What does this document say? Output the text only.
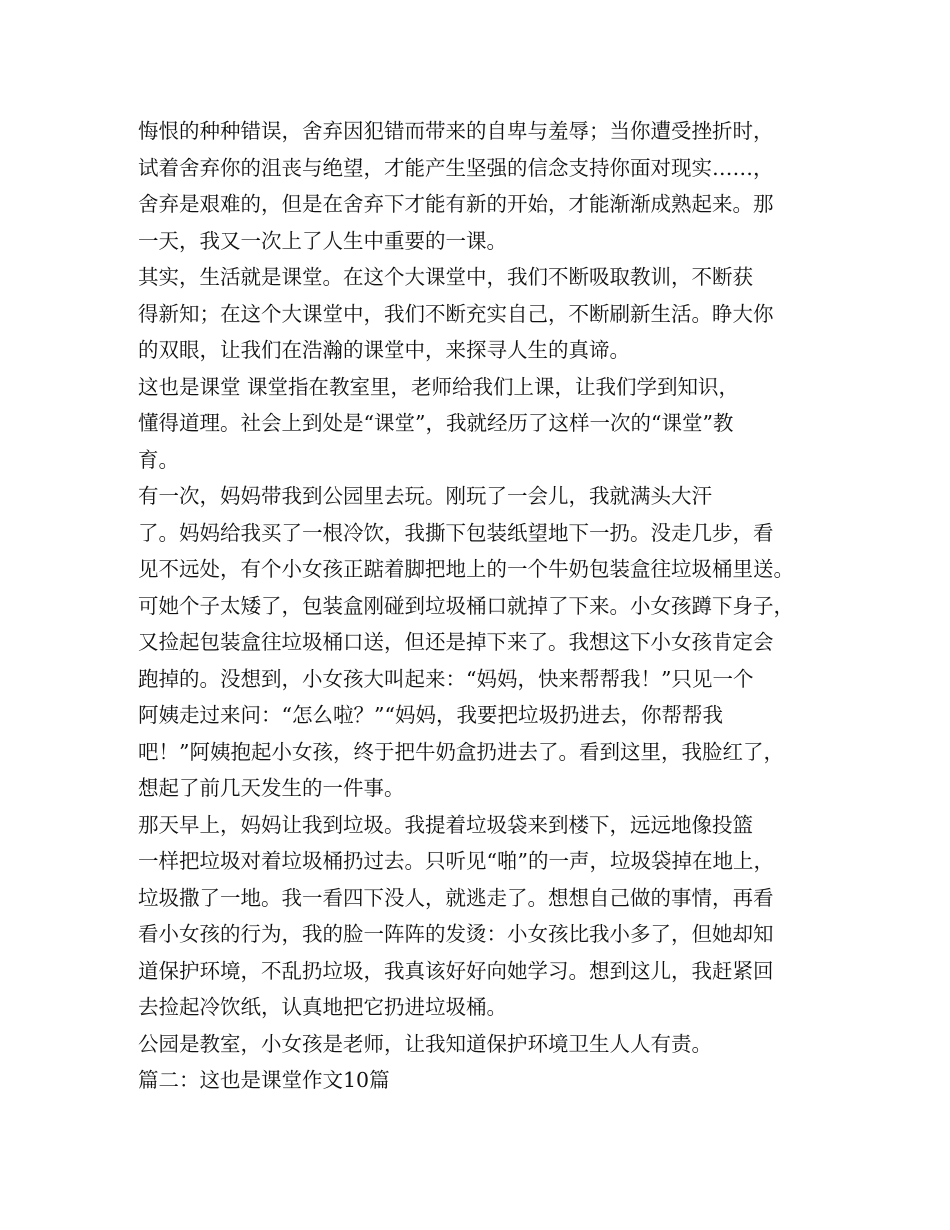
悔恨的种种错误，舍弃因犯错而带来的自卑与羞辱；当你遭受挫折时，
试着舍弃你的沮丧与绝望，才能产生坚强的信念支持你面对现实……，
舍弃是艰难的，但是在舍弃下才能有新的开始，才能渐渐成熟起来。那
一天，我又一次上了人生中重要的一课。
其实，生活就是课堂。在这个大课堂中，我们不断吸取教训，不断获
得新知；在这个大课堂中，我们不断充实自己，不断刷新生活。睁大你
的双眼，让我们在浩瀚的课堂中，来探寻人生的真谛。
这也是课堂 课堂指在教室里，老师给我们上课，让我们学到知识，
懂得道理。社会上到处是“课堂”，我就经历了这样一次的“课堂”教
育。
有一次，妈妈带我到公园里去玩。刚玩了一会儿，我就满头大汗
了。妈妈给我买了一根冷饮，我撕下包装纸望地下一扔。没走几步，看
见不远处，有个小女孩正踮着脚把地上的一个牛奶包装盒往垃圾桶里送。
可她个子太矮了，包装盒刚碰到垃圾桶口就掉了下来。小女孩蹲下身子，
又捡起包装盒往垃圾桶口送，但还是掉下来了。我想这下小女孩肯定会
跑掉的。没想到，小女孩大叫起来：“妈妈，快来帮帮我！”只见一个
阿姨走过来问：“怎么啦？”“妈妈，我要把垃圾扔进去，你帮帮我
吧！”阿姨抱起小女孩，终于把牛奶盒扔进去了。看到这里，我脸红了，
想起了前几天发生的一件事。
那天早上，妈妈让我到垃圾。我提着垃圾袋来到楼下，远远地像投篮
一样把垃圾对着垃圾桶扔过去。只听见“啪”的一声，垃圾袋掉在地上，
垃圾撒了一地。我一看四下没人，就逃走了。想想自己做的事情，再看
看小女孩的行为，我的脸一阵阵的发烫：小女孩比我小多了，但她却知
道保护环境，不乱扔垃圾，我真该好好向她学习。想到这儿，我赶紧回
去捡起冷饮纸，认真地把它扔进垃圾桶。
公园是教室，小女孩是老师，让我知道保护环境卫生人人有责。
篇二：这也是课堂作文10篇
